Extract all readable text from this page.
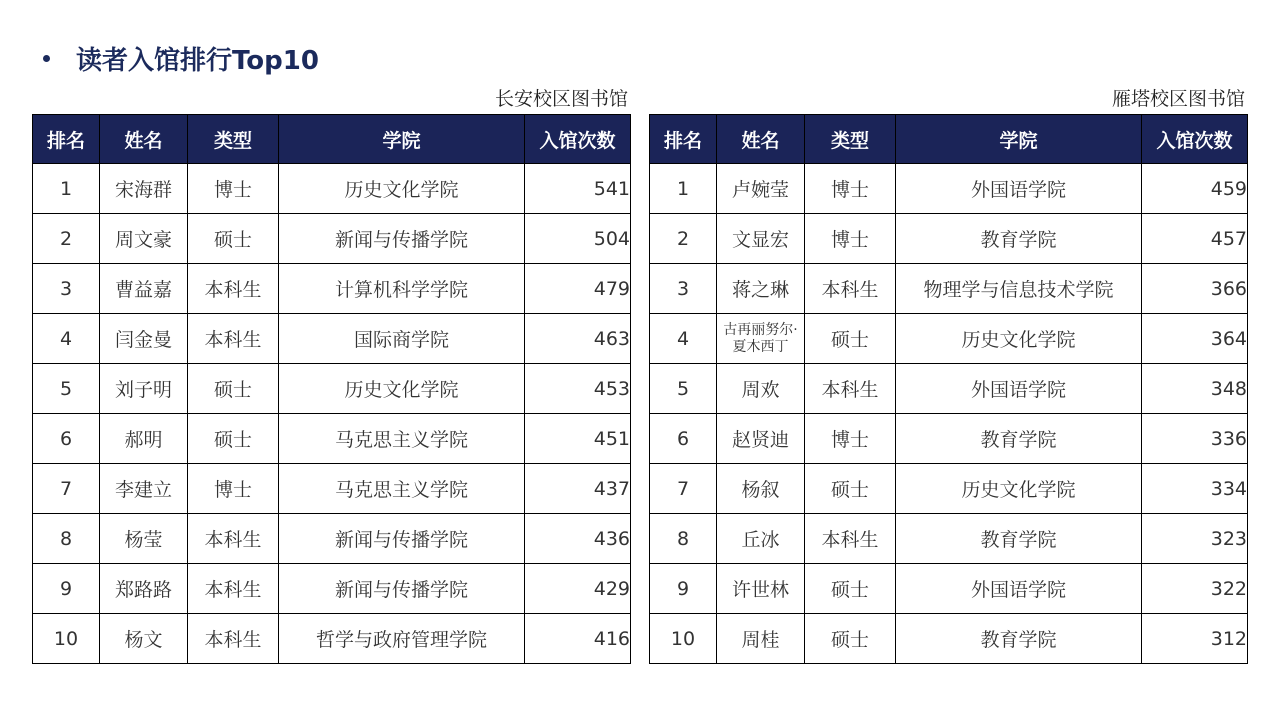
读者入馆排行Top10
长安校区图书馆
排名	姓名	类型	学院	入馆次数
1	宋海群	博士	历史文化学院	541
2	周文豪	硕士	新闻与传播学院	504
3	曹益嘉	本科生	计算机科学学院	479
4	闫金曼	本科生	国际商学院	463
5	刘子明	硕士	历史文化学院	453
6	郝明	硕士	马克思主义学院	451
7	李建立	博士	马克思主义学院	437
8	杨莹	本科生	新闻与传播学院	436
9	郑路路	本科生	新闻与传播学院	429
10	杨文	本科生	哲学与政府管理学院	416
雁塔校区图书馆
排名	姓名	类型	学院	入馆次数
1	卢婉莹	博士	外国语学院	459
2	文显宏	博士	教育学院	457
3	蒋之琳	本科生	物理学与信息技术学院	366
4	古再丽努尔·夏木西丁	硕士	历史文化学院	364
5	周欢	本科生	外国语学院	348
6	赵贤迪	博士	教育学院	336
7	杨叙	硕士	历史文化学院	334
8	丘冰	本科生	教育学院	323
9	许世林	硕士	外国语学院	322
10	周桂	硕士	教育学院	312
